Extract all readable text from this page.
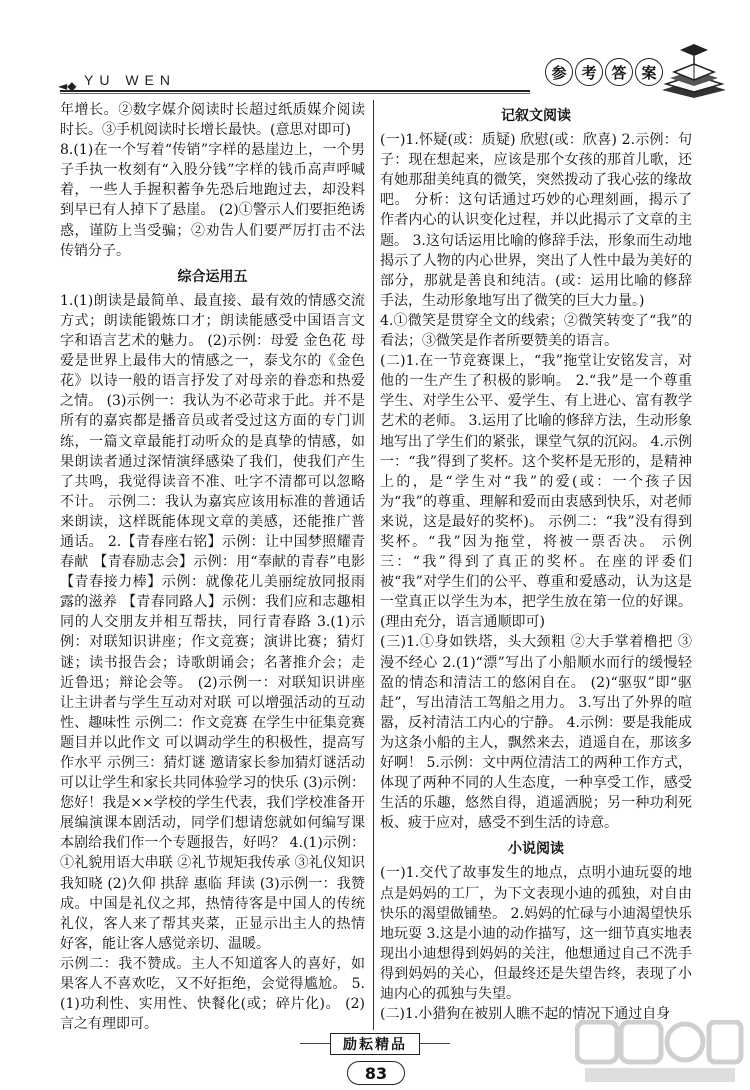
◄◆ YU WEN	参 考 答 案

年增长。②数字媒介阅读时长超过纸质媒介阅读时长。③手机阅读时长增长最快。(意思对即可)

8.(1)在一个写着“传销”字样的悬崖边上，一个男子手执一枚刻有“入股分钱”字样的钱币高声呼喊着，一些人手握积蓄争先恐后地跑过去，却没料到早已有人掉下了悬崖。 (2)①警示人们要拒绝诱惑，谨防上当受骗；②劝告人们要严厉打击不法传销分子。

综合运用五

1.(1)朗读是最简单、最直接、最有效的情感交流方式；朗读能锻炼口才；朗读能感受中国语言文字和语言艺术的魅力。 (2)示例：母爱 金色花 母爱是世界上最伟大的情感之一，泰戈尔的《金色花》以诗一般的语言抒发了对母亲的眷恋和热爱之情。 (3)示例一：我认为不必苛求于此。并不是所有的嘉宾都是播音员或者受过这方面的专门训练，一篇文章最能打动听众的是真挚的情感，如果朗读者通过深情演绎感染了我们，使我们产生了共鸣，我觉得读音不准、吐字不清都可以忽略不计。 示例二：我认为嘉宾应该用标准的普通话来朗读，这样既能体现文章的美感，还能推广普通话。 2.【青春座右铭】示例：让中国梦照耀青春献 【青春励志会】示例：用“奉献的青春”电影 【青春接力棒】示例：就像花儿美丽绽放同报雨露的滋养 【青春同路人】示例：我们应和志趣相同的人交朋友并相互帮扶，同行青春路 3.(1)示例：对联知识讲座；作文竞赛；演讲比赛；猜灯谜；读书报告会；诗歌朗诵会；名著推介会；走近鲁迅；辩论会等。 (2)示例一：对联知识讲座 让主讲者与学生互动对对联 可以增强活动的互动性、趣味性 示例二：作文竞赛 在学生中征集竞赛题目并以此作文 可以调动学生的积极性，提高写作水平 示例三：猜灯谜 邀请家长参加猜灯谜活动 可以让学生和家长共同体验学习的快乐 (3)示例：您好！我是××学校的学生代表，我们学校准备开展编演课本剧活动，同学们想请您就如何编写课本剧给我们作一个专题报告，好吗？ 4.(1)示例：①礼貌用语大串联 ②礼节规矩我传承 ③礼仪知识我知晓 (2)久仰 拱辞 惠临 拜读 (3)示例一：我赞成。中国是礼仪之邦，热情待客是中国人的传统礼仪，客人来了帮其夹菜，正显示出主人的热情好客，能让客人感觉亲切、温暖。

示例二：我不赞成。主人不知道客人的喜好，如果客人不喜欢吃，又不好拒绝，会觉得尴尬。 5.(1)功利性、实用性、快餐化(或；碎片化)。 (2)言之有理即可。

记叙文阅读

(一)1.怀疑(或：质疑) 欣慰(或：欣喜) 2.示例：句子：现在想起来，应该是那个女孩的那首儿歌，还有她那甜美纯真的微笑，突然拨动了我心弦的缘故吧。 分析：这句话通过巧妙的心理刻画，揭示了作者内心的认识变化过程，并以此揭示了文章的主题。 3.这句话运用比喻的修辞手法，形象而生动地揭示了人物的内心世界，突出了人性中最为美好的部分，那就是善良和纯洁。(或：运用比喻的修辞手法，生动形象地写出了微笑的巨大力量。)

4.①微笑是贯穿全文的线索；②微笑转变了“我”的看法；③微笑是作者所要赞美的语言。

(二)1.在一节竞赛课上，“我”拖堂让安铭发言，对他的一生产生了积极的影响。 2.“我”是一个尊重学生、对学生公平、爱学生、有上进心、富有教学艺术的老师。 3.运用了比喻的修辞方法，生动形象地写出了学生们的紧张，课堂气氛的沉闷。 4.示例一：“我”得到了奖杯。这个奖杯是无形的，是精神上的，是“学生对“我”的爱(或：一个孩子因为“我”的尊重、理解和爱而由衷感到快乐，对老师来说，这是最好的奖杯)。 示例二：“我”没有得到奖杯。“我”因为拖堂，将被一票否决。 示例三：“我”得到了真正的奖杯。在座的评委们被“我”对学生们的公平、尊重和爱感动，认为这是一堂真正以学生为本，把学生放在第一位的好课。(理由充分，语言通顺即可)

(三)1.①身如铁塔，头大颈粗 ②大手掌着橹把 ③漫不经心 2.(1)“漂”写出了小船顺水而行的缓慢轻盈的情态和清洁工的悠闲自在。 (2)“驱驭”即“驱赶”，写出清洁工驾船之用力。 3.写出了外界的喧嚣，反衬清洁工内心的宁静。 4.示例：要是我能成为这条小船的主人，飘然来去，逍遥自在，那该多好啊！ 5.示例：文中两位清洁工的两种工作方式，体现了两种不同的人生态度，一种享受工作，感受生活的乐趣，悠然自得，逍遥洒脱；另一种功利死板、疲于应对，感受不到生活的诗意。

小说阅读

(一)1.交代了故事发生的地点，点明小迪玩耍的地点是妈妈的工厂，为下文表现小迪的孤独，对自由快乐的渴望做铺垫。 2.妈妈的忙碌与小迪渴望快乐地玩耍 3.这是小迪的动作描写，这一细节真实地表现出小迪想得到妈妈的关注，他想通过自己不洗手得到妈妈的关心，但最终还是失望告终，表现了小迪内心的孤独与失望。

(二)1.小猎狗在被别人瞧不起的情况下通过自身

励耘精品
83
